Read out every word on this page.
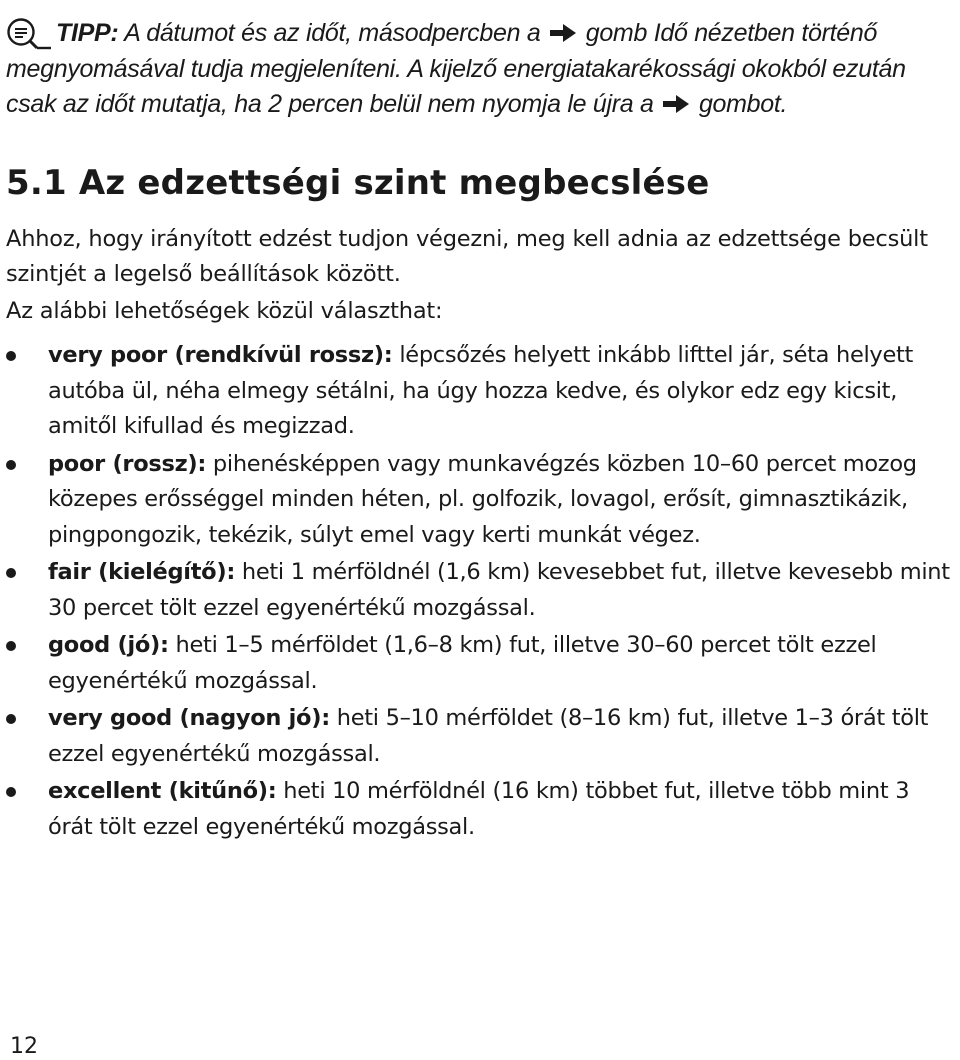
TIPP: A dátumot és az időt, másodpercben a  gomb Idő nézetben történő megnyomásával tudja megjeleníteni. A kijelző energiatakarékossági okokból ezután csak az időt mutatja, ha 2 percen belül nem nyomja le újra a  gombot.

5.1 Az edzettségi szint megbecslése

Ahhoz, hogy irányított edzést tudjon végezni, meg kell adnia az edzettsége becsült szintjét a legelső beállítások között.

Az alábbi lehetőségek közül választhat:

very poor (rendkívül rossz): lépcsőzés helyett inkább lifttel jár, séta helyett autóba ül, néha elmegy sétálni, ha úgy hozza kedve, és olykor edz egy kicsit, amitől kifullad és megizzad.
poor (rossz): pihenésképpen vagy munkavégzés közben 10–60 percet mozog közepes erősséggel minden héten, pl. golfozik, lovagol, erősít, gimnasztikázik, pingpongozik, tekézik, súlyt emel vagy kerti munkát végez.
fair (kielégítő): heti 1 mérföldnél (1,6 km) kevesebbet fut, illetve kevesebb mint 30 percet tölt ezzel egyenértékű mozgással.
good (jó): heti 1–5 mérföldet (1,6–8 km) fut, illetve 30–60 percet tölt ezzel egyenértékű mozgással.
very good (nagyon jó): heti 5–10 mérföldet (8–16 km) fut, illetve 1–3 órát tölt ezzel egyenértékű mozgással.
excellent (kitűnő): heti 10 mérföldnél (16 km) többet fut, illetve több mint 3 órát tölt ezzel egyenértékű mozgással.
12
